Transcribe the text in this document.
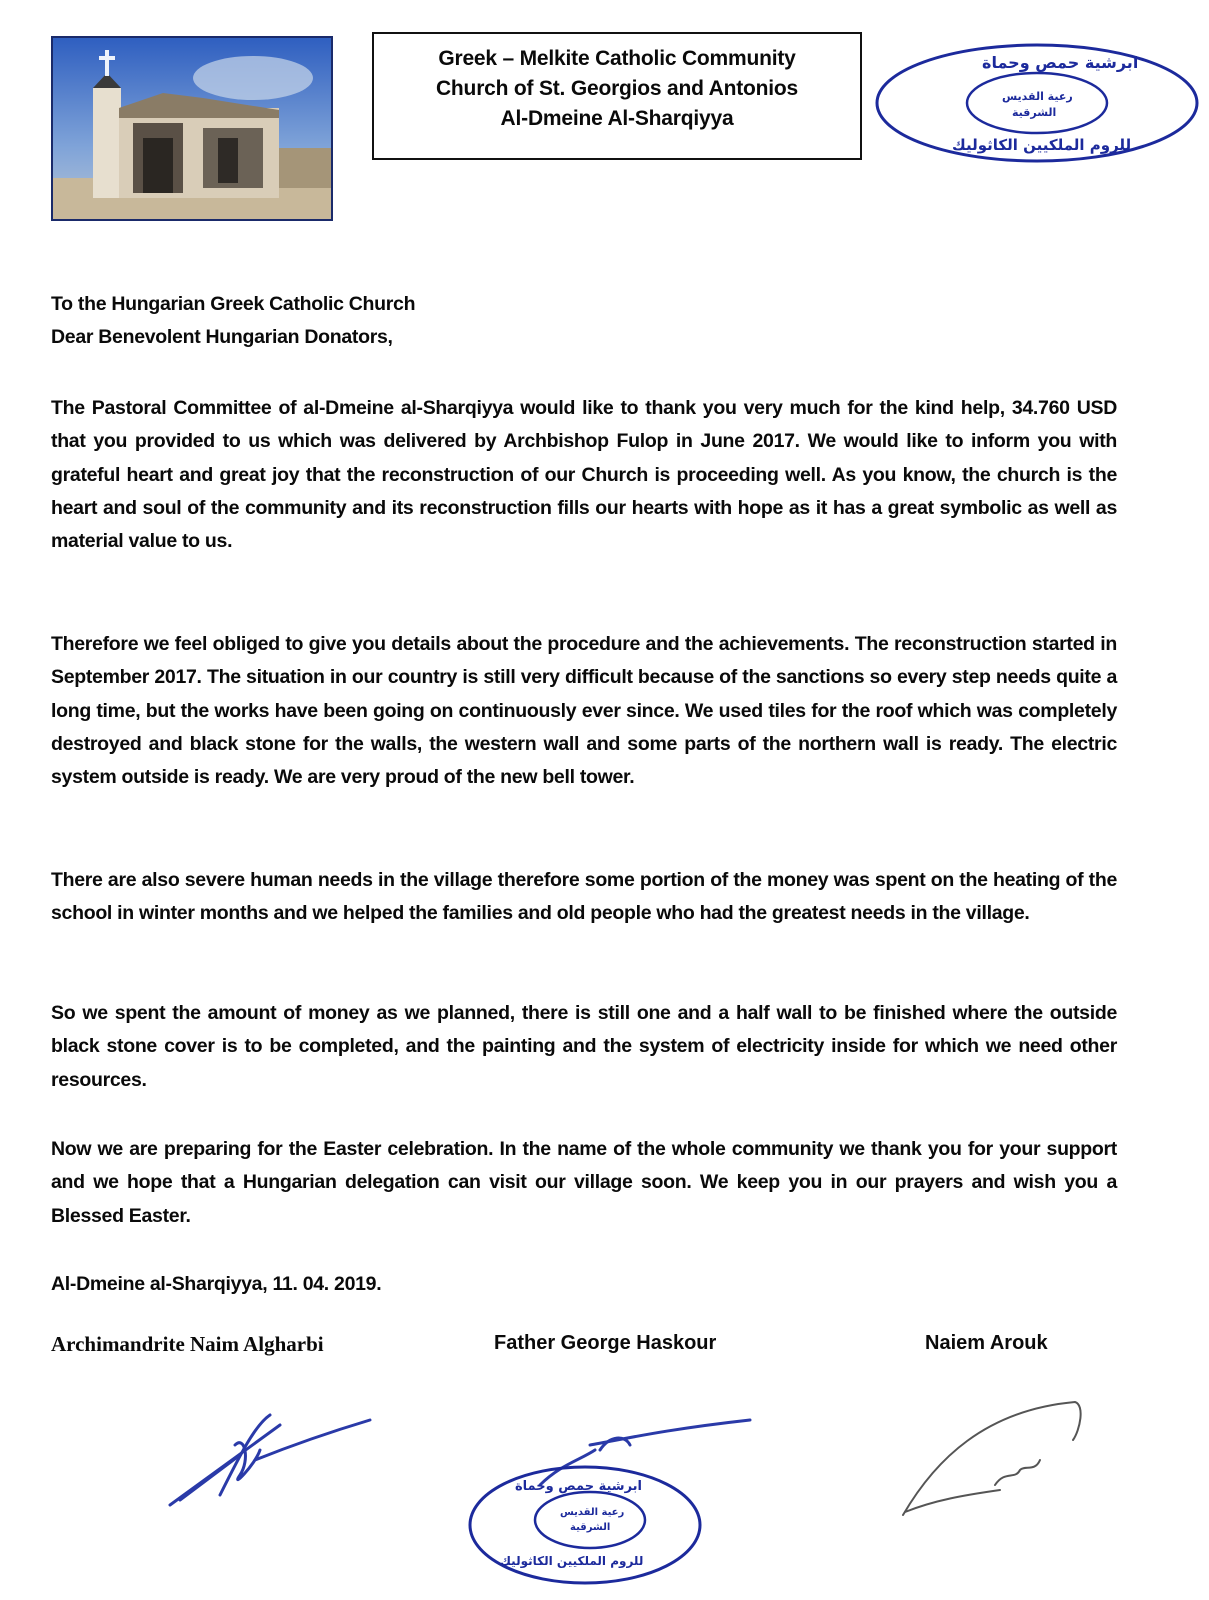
Greek – Melkite Catholic Community
Church of St. Georgios and Antonios
Al-Dmeine Al-Sharqiyya
ابرشية حمص وحماة
رعية القديس
الشرقية
للروم الملكيين الكاثوليك
To the Hungarian Greek Catholic Church
Dear Benevolent Hungarian Donators,
The Pastoral Committee of al-Dmeine al-Sharqiyya would like to thank you very much for the kind help, 34.760 USD that you provided to us which was delivered by Archbishop Fulop in June 2017. We would like to inform you with grateful heart and great joy that the reconstruction of our Church is proceeding well. As you know, the church is the heart and soul of the community and its reconstruction fills our hearts with hope as it has a great symbolic as well as material value to us.
Therefore we feel obliged to give you details about the procedure and the achievements. The reconstruction started in September 2017. The situation in our country is still very difficult because of the sanctions so every step needs quite a long time, but the works have been going on continuously ever since. We used tiles for the roof which was completely destroyed and black stone for the walls, the western wall and some parts of the northern wall is ready. The electric system outside is ready. We are very proud of the new bell tower.
There are also severe human needs in the village therefore some portion of the money was spent on the heating of the school in winter months and we helped the families and old people who had the greatest needs in the village.
So we spent the amount of money as we planned, there is still one and a half wall to be finished where the outside black stone cover is to be completed, and the painting and the system of electricity inside for which we need other resources.
Now we are preparing for the Easter celebration. In the name of the whole community we thank you for your support and we hope that a Hungarian delegation can visit our village soon. We keep you in our prayers and wish you a Blessed Easter.
Al-Dmeine al-Sharqiyya, 11. 04. 2019.
Archimandrite Naim Algharbi	Father George Haskour	Naiem Arouk
ابرشية حمص وحماة
رعية القديس
الشرقية
للروم الملكيين الكاثوليك
